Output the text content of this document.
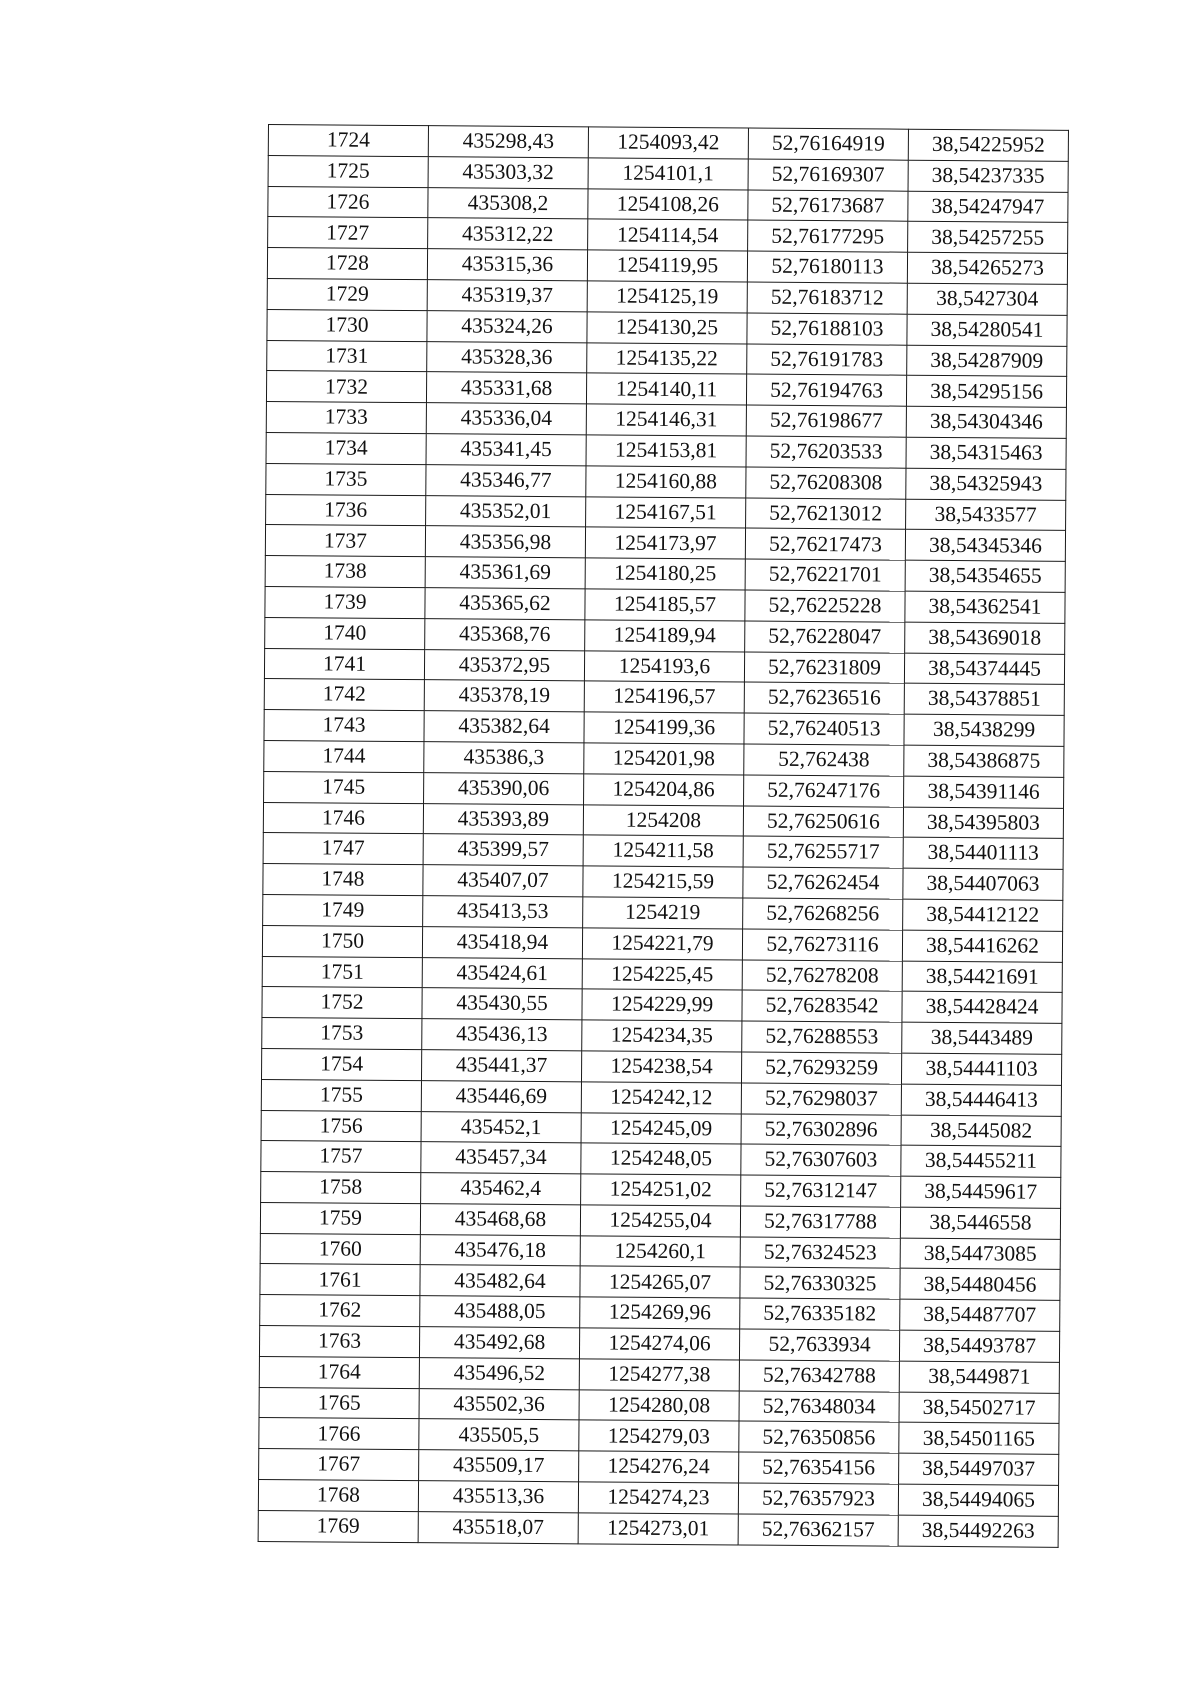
1724	435298,43	1254093,42	52,76164919	38,54225952
1725	435303,32	1254101,1	52,76169307	38,54237335
1726	435308,2	1254108,26	52,76173687	38,54247947
1727	435312,22	1254114,54	52,76177295	38,54257255
1728	435315,36	1254119,95	52,76180113	38,54265273
1729	435319,37	1254125,19	52,76183712	38,5427304
1730	435324,26	1254130,25	52,76188103	38,54280541
1731	435328,36	1254135,22	52,76191783	38,54287909
1732	435331,68	1254140,11	52,76194763	38,54295156
1733	435336,04	1254146,31	52,76198677	38,54304346
1734	435341,45	1254153,81	52,76203533	38,54315463
1735	435346,77	1254160,88	52,76208308	38,54325943
1736	435352,01	1254167,51	52,76213012	38,5433577
1737	435356,98	1254173,97	52,76217473	38,54345346
1738	435361,69	1254180,25	52,76221701	38,54354655
1739	435365,62	1254185,57	52,76225228	38,54362541
1740	435368,76	1254189,94	52,76228047	38,54369018
1741	435372,95	1254193,6	52,76231809	38,54374445
1742	435378,19	1254196,57	52,76236516	38,54378851
1743	435382,64	1254199,36	52,76240513	38,5438299
1744	435386,3	1254201,98	52,762438	38,54386875
1745	435390,06	1254204,86	52,76247176	38,54391146
1746	435393,89	1254208	52,76250616	38,54395803
1747	435399,57	1254211,58	52,76255717	38,54401113
1748	435407,07	1254215,59	52,76262454	38,54407063
1749	435413,53	1254219	52,76268256	38,54412122
1750	435418,94	1254221,79	52,76273116	38,54416262
1751	435424,61	1254225,45	52,76278208	38,54421691
1752	435430,55	1254229,99	52,76283542	38,54428424
1753	435436,13	1254234,35	52,76288553	38,5443489
1754	435441,37	1254238,54	52,76293259	38,54441103
1755	435446,69	1254242,12	52,76298037	38,54446413
1756	435452,1	1254245,09	52,76302896	38,5445082
1757	435457,34	1254248,05	52,76307603	38,54455211
1758	435462,4	1254251,02	52,76312147	38,54459617
1759	435468,68	1254255,04	52,76317788	38,5446558
1760	435476,18	1254260,1	52,76324523	38,54473085
1761	435482,64	1254265,07	52,76330325	38,54480456
1762	435488,05	1254269,96	52,76335182	38,54487707
1763	435492,68	1254274,06	52,7633934	38,54493787
1764	435496,52	1254277,38	52,76342788	38,5449871
1765	435502,36	1254280,08	52,76348034	38,54502717
1766	435505,5	1254279,03	52,76350856	38,54501165
1767	435509,17	1254276,24	52,76354156	38,54497037
1768	435513,36	1254274,23	52,76357923	38,54494065
1769	435518,07	1254273,01	52,76362157	38,54492263
